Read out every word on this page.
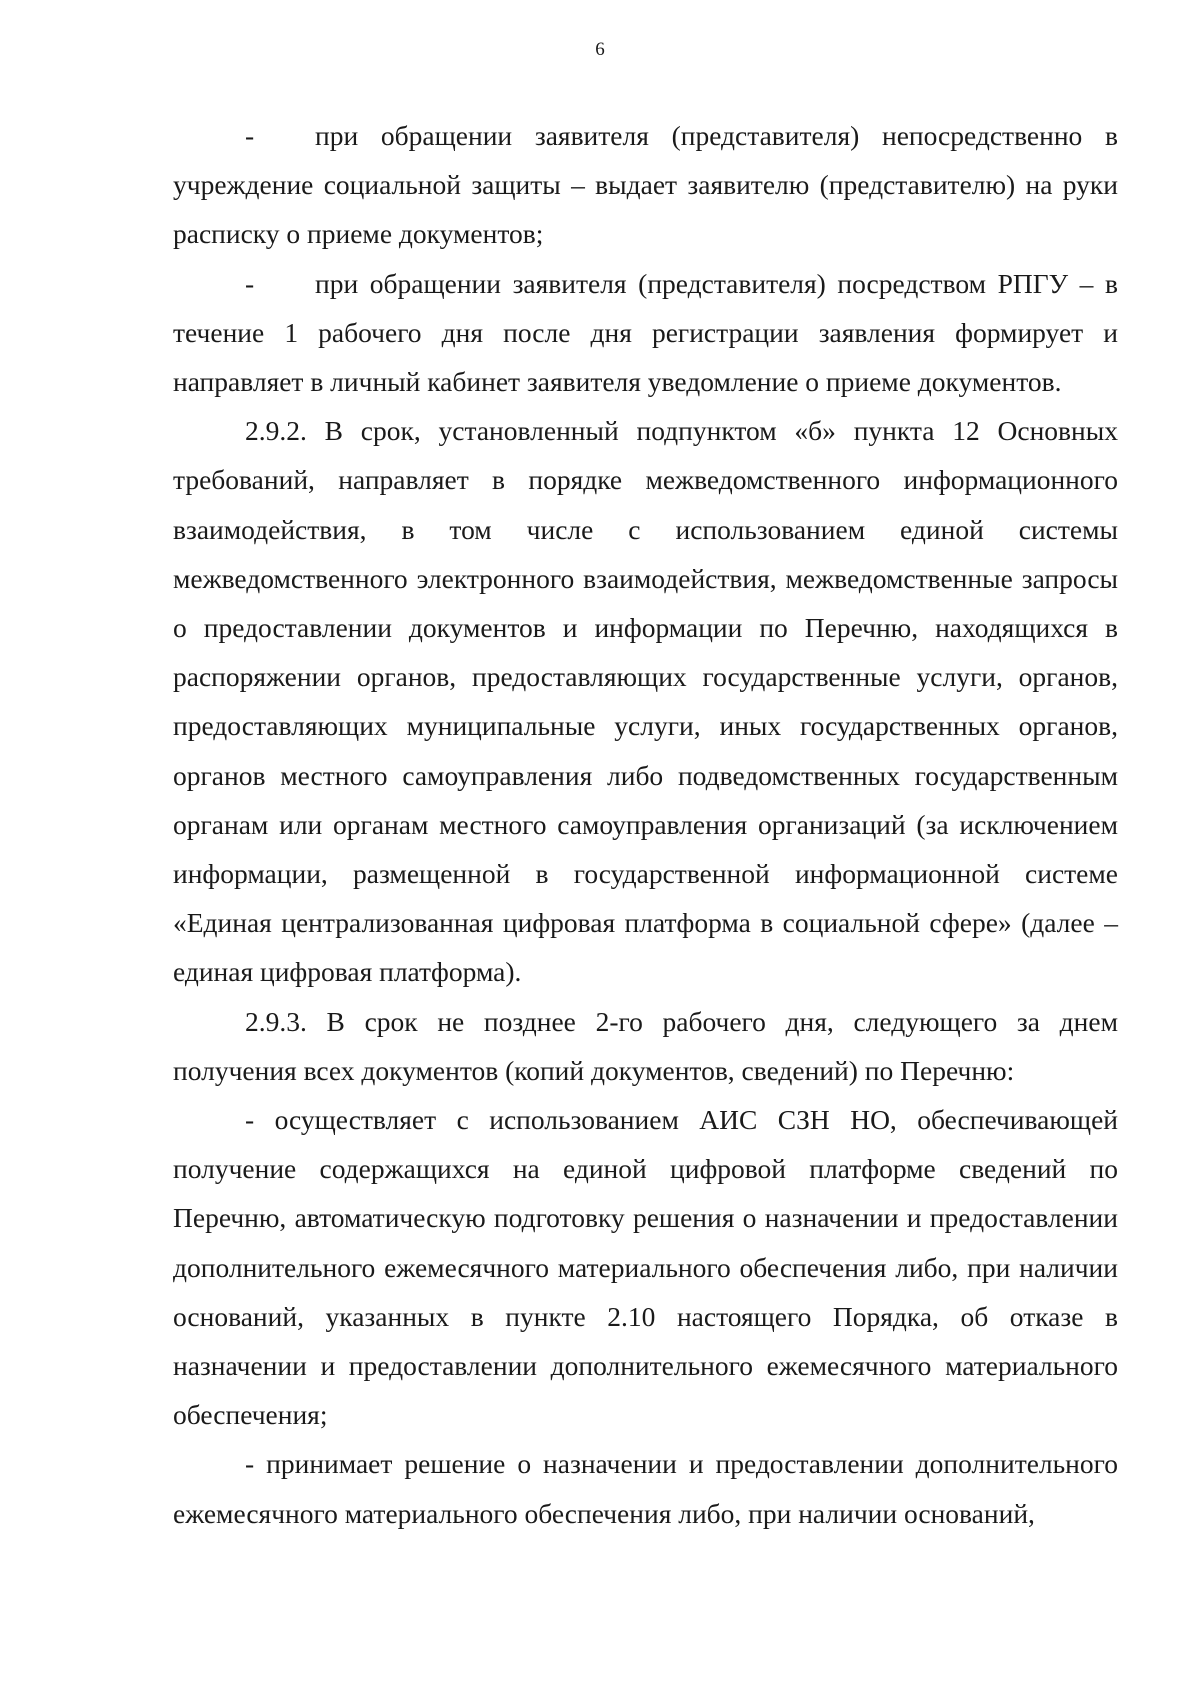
6

- при обращении заявителя (представителя) непосредственно в учреждение социальной защиты – выдает заявителю (представителю) на руки расписку о приеме документов;

- при обращении заявителя (представителя) посредством РПГУ – в течение 1 рабочего дня после дня регистрации заявления формирует и направляет в личный кабинет заявителя уведомление о приеме документов.

2.9.2. В срок, установленный подпунктом «б» пункта 12 Основных требований, направляет в порядке межведомственного информационного взаимодействия, в том числе с использованием единой системы межведомственного электронного взаимодействия, межведомственные запросы о предоставлении документов и информации по Перечню, находящихся в распоряжении органов, предоставляющих государственные услуги, органов, предоставляющих муниципальные услуги, иных государственных органов, органов местного самоуправления либо подведомственных государственным органам или органам местного самоуправления организаций (за исключением информации, размещенной в государственной информационной системе «Единая централизованная цифровая платформа в социальной сфере» (далее – единая цифровая платформа).

2.9.3. В срок не позднее 2-го рабочего дня, следующего за днем получения всех документов (копий документов, сведений) по Перечню:

- осуществляет с использованием АИС СЗН НО, обеспечивающей получение содержащихся на единой цифровой платформе сведений по Перечню, автоматическую подготовку решения о назначении и предоставлении дополнительного ежемесячного материального обеспечения либо, при наличии оснований, указанных в пункте 2.10 настоящего Порядка, об отказе в назначении и предоставлении дополнительного ежемесячного материального обеспечения;

- принимает решение о назначении и предоставлении дополнительного ежемесячного материального обеспечения либо, при наличии оснований,
